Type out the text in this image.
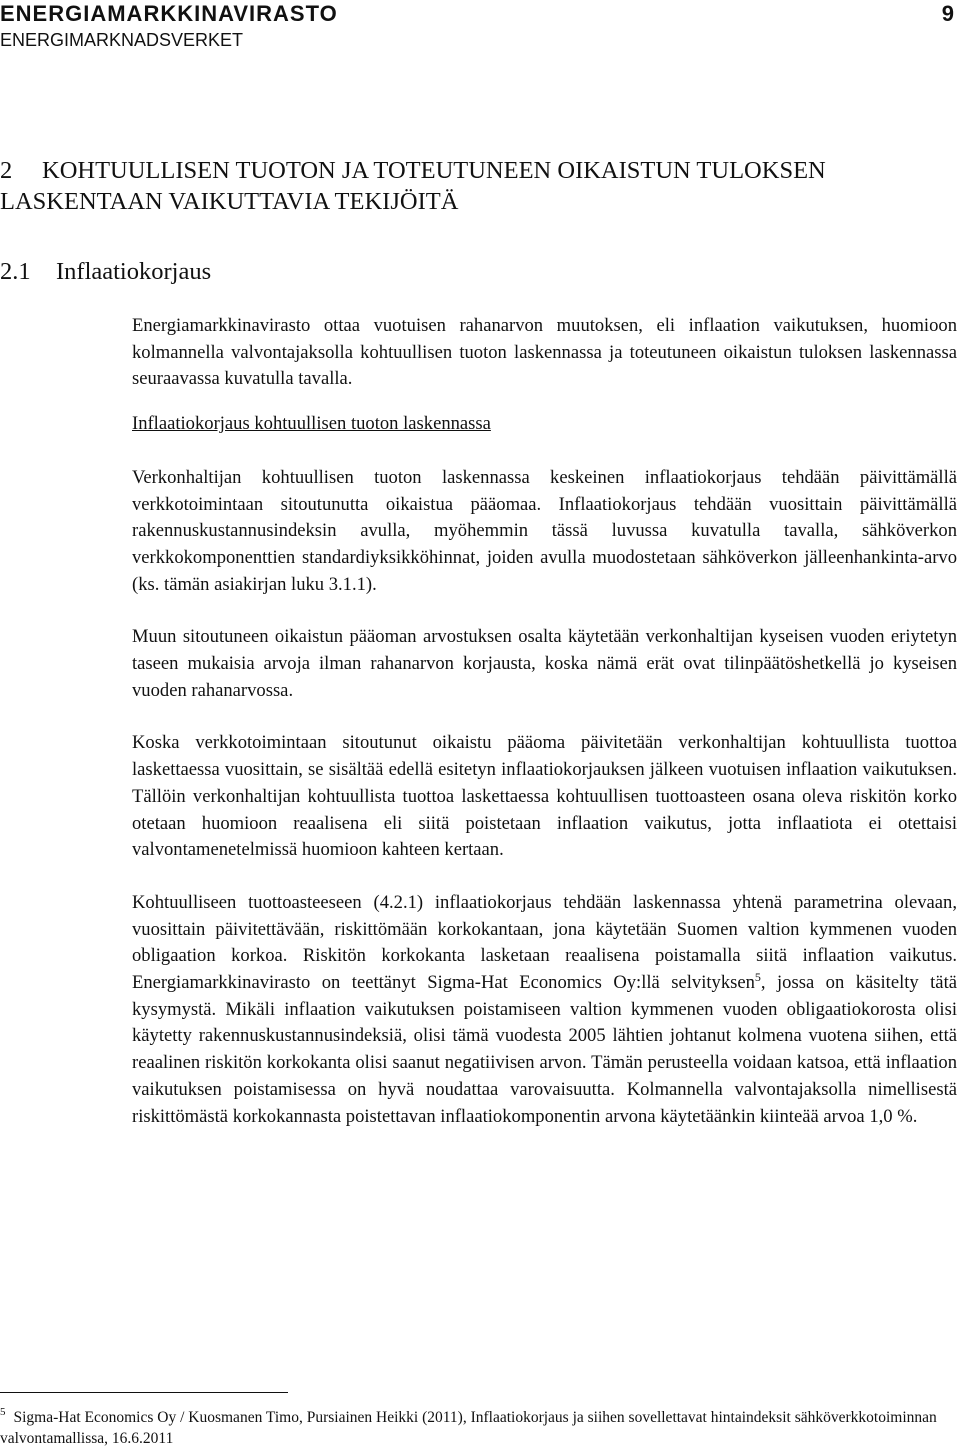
ENERGIAMARKKINAVIRASTO
ENERGIMARKNADSVERKET
9
2 KOHTUULLISEN TUOTON JA TOTEUTUNEEN OIKAISTUN TULOKSEN LASKENTAAN VAIKUTTAVIA TEKIJÖITÄ
2.1 Inflaatiokorjaus

Energiamarkkinavirasto ottaa vuotuisen rahanarvon muutoksen, eli inflaation vaikutuksen, huomioon kolmannella valvontajaksolla kohtuullisen tuoton laskennassa ja toteutuneen oikaistun tuloksen laskennassa seuraavassa kuvatulla tavalla.

Inflaatiokorjaus kohtuullisen tuoton laskennassa

Verkonhaltijan kohtuullisen tuoton laskennassa keskeinen inflaatiokorjaus tehdään päivittämällä verkkotoimintaan sitoutunutta oikaistua pääomaa. Inflaatiokorjaus tehdään vuosittain päivittämällä rakennuskustannusindeksin avulla, myöhemmin tässä luvussa kuvatulla tavalla, sähköverkon verkkokomponenttien standardiyksikköhinnat, joiden avulla muodostetaan sähköverkon jälleenhankinta-arvo (ks. tämän asiakirjan luku 3.1.1).

Muun sitoutuneen oikaistun pääoman arvostuksen osalta käytetään verkonhaltijan kyseisen vuoden eriytetyn taseen mukaisia arvoja ilman rahanarvon korjausta, koska nämä erät ovat tilinpäätöshetkellä jo kyseisen vuoden rahanarvossa.

Koska verkkotoimintaan sitoutunut oikaistu pääoma päivitetään verkonhaltijan kohtuullista tuottoa laskettaessa vuosittain, se sisältää edellä esitetyn inflaatiokorjauksen jälkeen vuotuisen inflaation vaikutuksen. Tällöin verkonhaltijan kohtuullista tuottoa laskettaessa kohtuullisen tuottoasteen osana oleva riskitön korko otetaan huomioon reaalisena eli siitä poistetaan inflaation vaikutus, jotta inflaatiota ei otettaisi valvontamenetelmissä huomioon kahteen kertaan.

Kohtuulliseen tuottoasteeseen (4.2.1) inflaatiokorjaus tehdään laskennassa yhtenä parametrina olevaan, vuosittain päivitettävään, riskittömään korkokantaan, jona käytetään Suomen valtion kymmenen vuoden obligaation korkoa. Riskitön korkokanta lasketaan reaalisena poistamalla siitä inflaation vaikutus. Energiamarkkinavirasto on teettänyt Sigma-Hat Economics Oy:llä selvityksen$^5$, jossa on käsitelty tätä kysymystä. Mikäli inflaation vaikutuksen poistamiseen valtion kymmenen vuoden obligaatiokorosta olisi käytetty rakennuskustannusindeksiä, olisi tämä vuodesta 2005 lähtien johtanut kolmena vuotena siihen, että reaalinen riskitön korkokanta olisi saanut negatiivisen arvon. Tämän perusteella voidaan katsoa, että inflaation vaikutuksen poistamisessa on hyvä noudattaa varovaisuutta. Kolmannella valvontajaksolla nimellisestä riskittömästä korkokannasta poistettavan inflaatiokomponentin arvona käytetäänkin kiinteää arvoa 1,0 %.

$^5$ Sigma-Hat Economics Oy / Kuosmanen Timo, Pursiainen Heikki (2011), Inflaatiokorjaus ja siihen sovellettavat hintaindeksit sähköverkkotoiminnan valvontamallissa, 16.6.2011
